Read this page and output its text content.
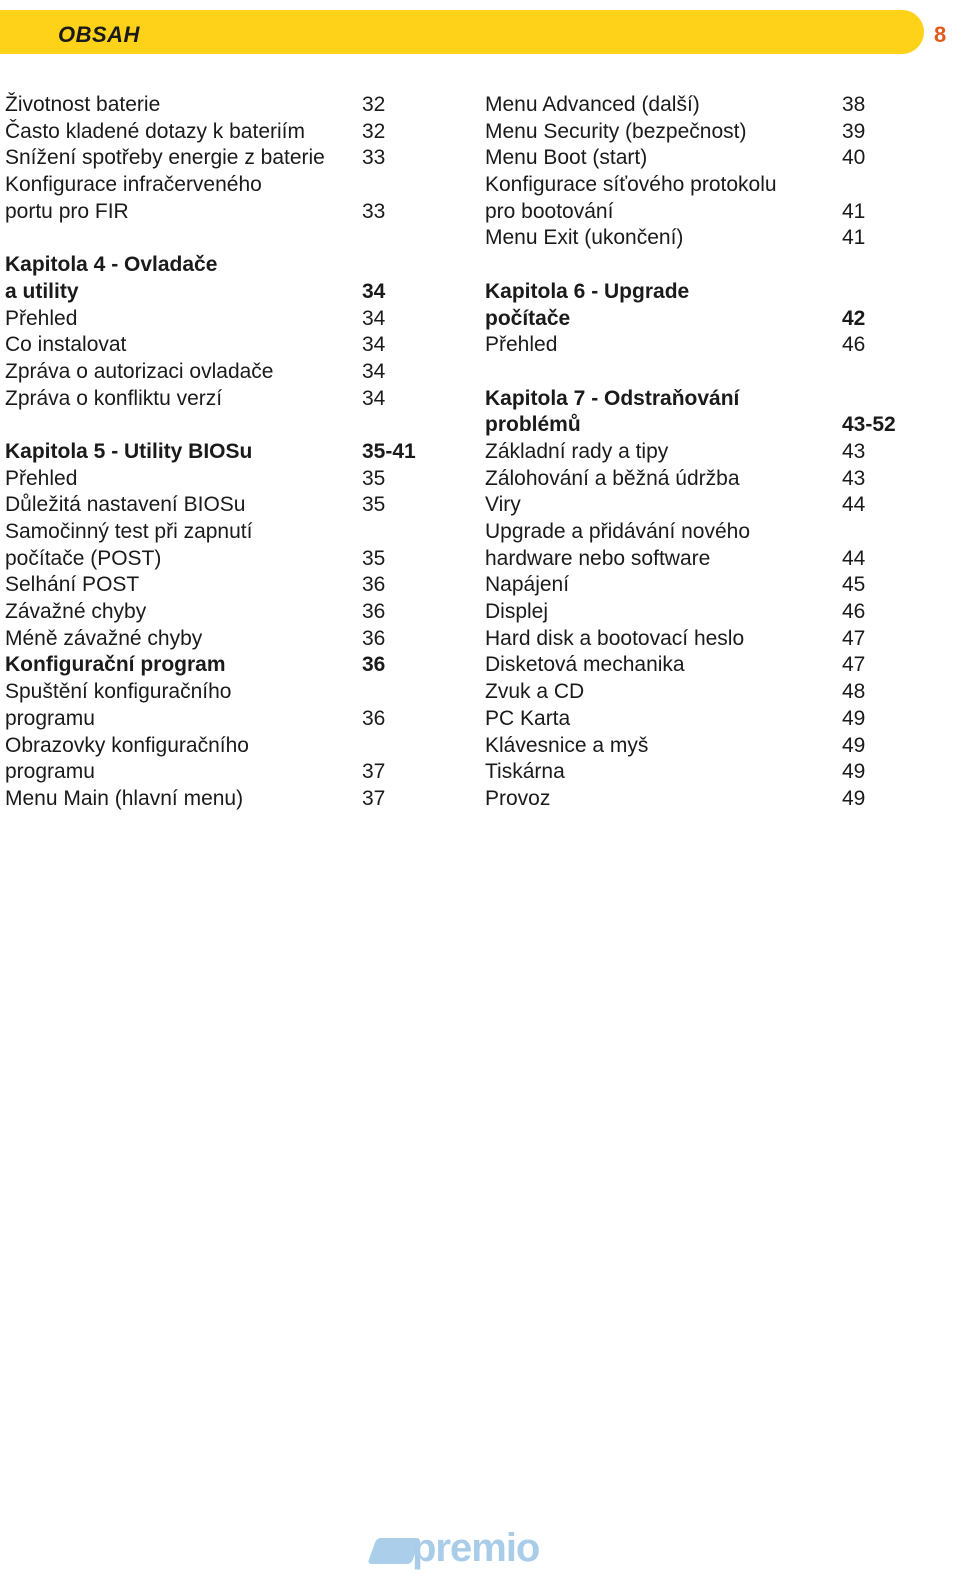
OBSAH	8
Životnost baterie	32
Často kladené dotazy k bateriím	32
Snížení spotřeby energie z baterie 33
Konfigurace infračerveného
portu pro FIR	33
Kapitola 4 - Ovladače
a utility	34
Přehled	34
Co instalovat	34
Zpráva o autorizaci ovladače	34
Zpráva o konfliktu verzí	34
Kapitola 5 - Utility BIOSu	35-41
Přehled	35
Důležitá nastavení BIOSu	35
Samočinný test při zapnutí
počítače (POST)	35
Selhání POST	36
Závažné chyby	36
Méně závažné chyby	36
Konfigurační program	36
Spuštění konfiguračního
programu	36
Obrazovky konfiguračního
programu	37
Menu Main (hlavní menu)	37
Menu Advanced (další)	38
Menu Security (bezpečnost)	39
Menu Boot (start)	40
Konfigurace síťového protokolu
pro bootování	41
Menu Exit (ukončení)	41
Kapitola 6 - Upgrade
počítače	42
Přehled	46
Kapitola 7 - Odstraňování
problémů	43-52
Základní rady a tipy	43
Zálohování a běžná údržba	43
Viry	44
Upgrade a přidávání nového
hardware nebo software	44
Napájení	45
Displej	46
Hard disk a bootovací heslo	47
Disketová mechanika	47
Zvuk a CD	48
PC Karta	49
Klávesnice a myš	49
Tiskárna	49
Provoz	49
premio
